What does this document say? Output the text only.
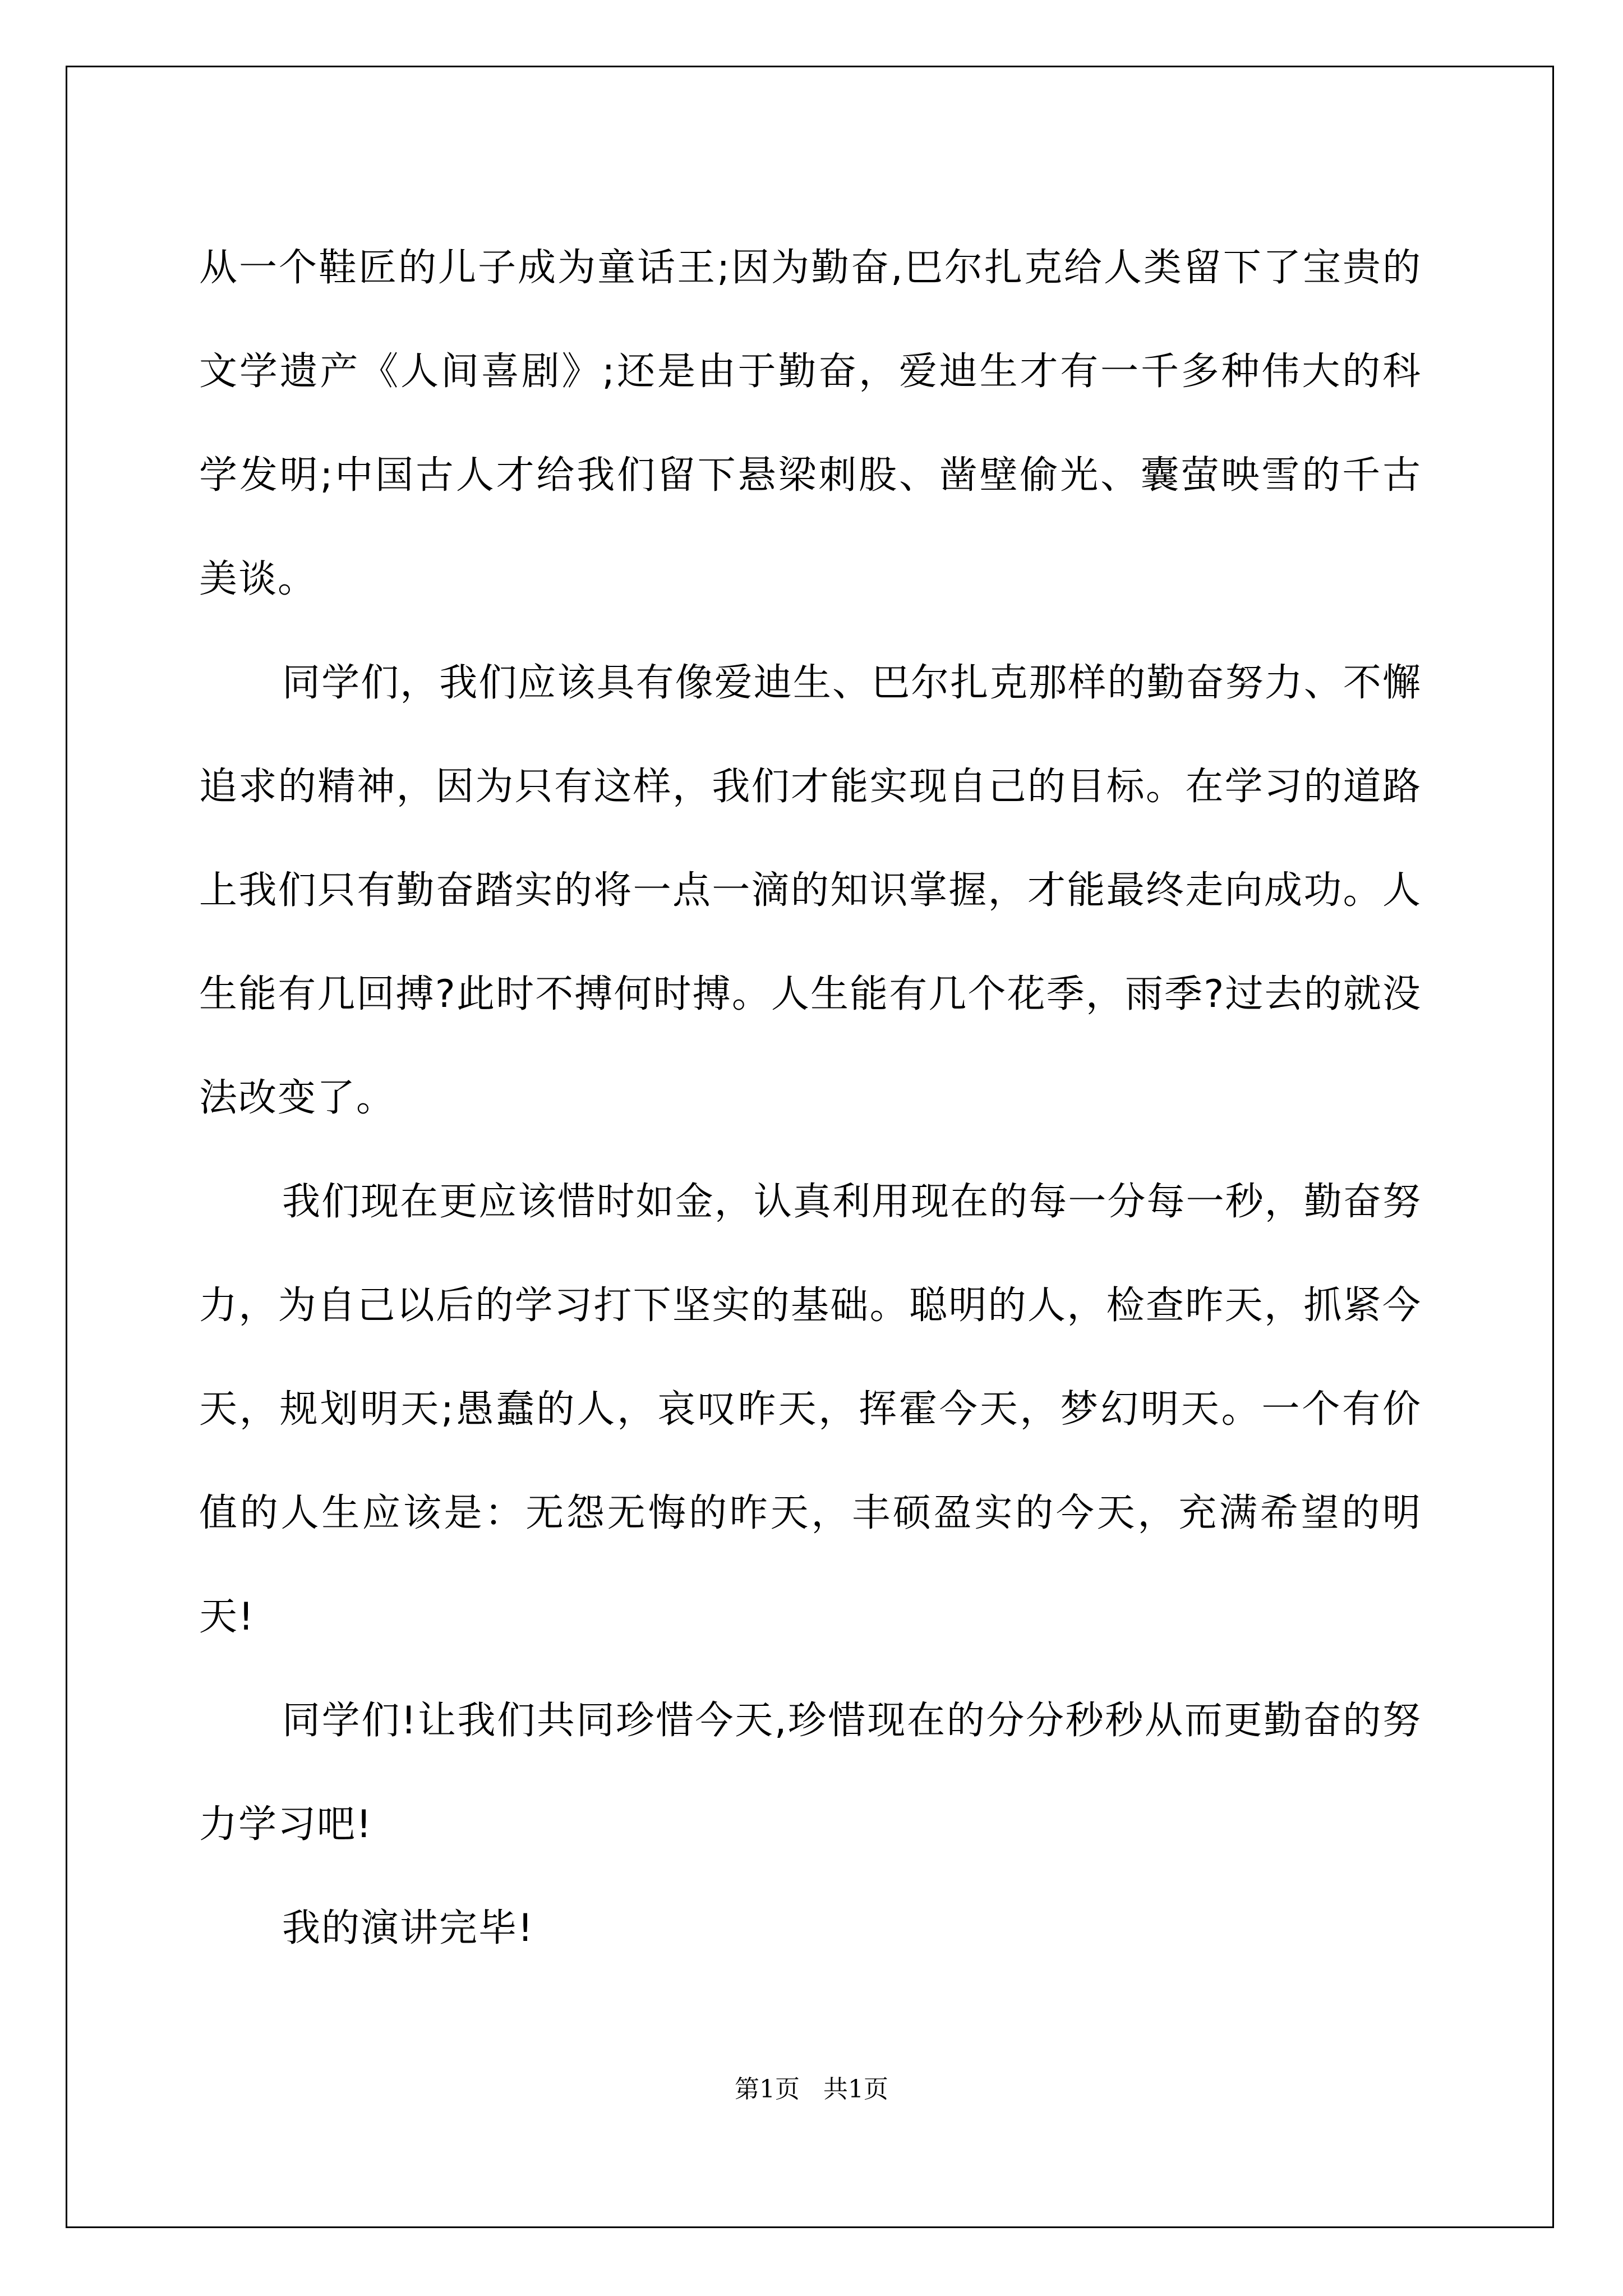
从一个鞋匠的儿子成为童话王;因为勤奋,巴尔扎克给人类留下了宝贵的文学遗产《人间喜剧》;还是由于勤奋，爱迪生才有一千多种伟大的科学发明;中国古人才给我们留下悬梁刺股、凿壁偷光、囊萤映雪的千古美谈。

同学们，我们应该具有像爱迪生、巴尔扎克那样的勤奋努力、不懈追求的精神，因为只有这样，我们才能实现自己的目标。在学习的道路上我们只有勤奋踏实的将一点一滴的知识掌握，才能最终走向成功。人生能有几回搏?此时不搏何时搏。人生能有几个花季，雨季?过去的就没法改变了。

我们现在更应该惜时如金，认真利用现在的每一分每一秒，勤奋努力，为自己以后的学习打下坚实的基础。聪明的人，检查昨天，抓紧今天，规划明天;愚蠢的人，哀叹昨天，挥霍今天，梦幻明天。一个有价值的人生应该是：无怨无悔的昨天，丰硕盈实的今天，充满希望的明天!

同学们!让我们共同珍惜今天,珍惜现在的分分秒秒从而更勤奋的努力学习吧!

我的演讲完毕!

第1页 共1页
